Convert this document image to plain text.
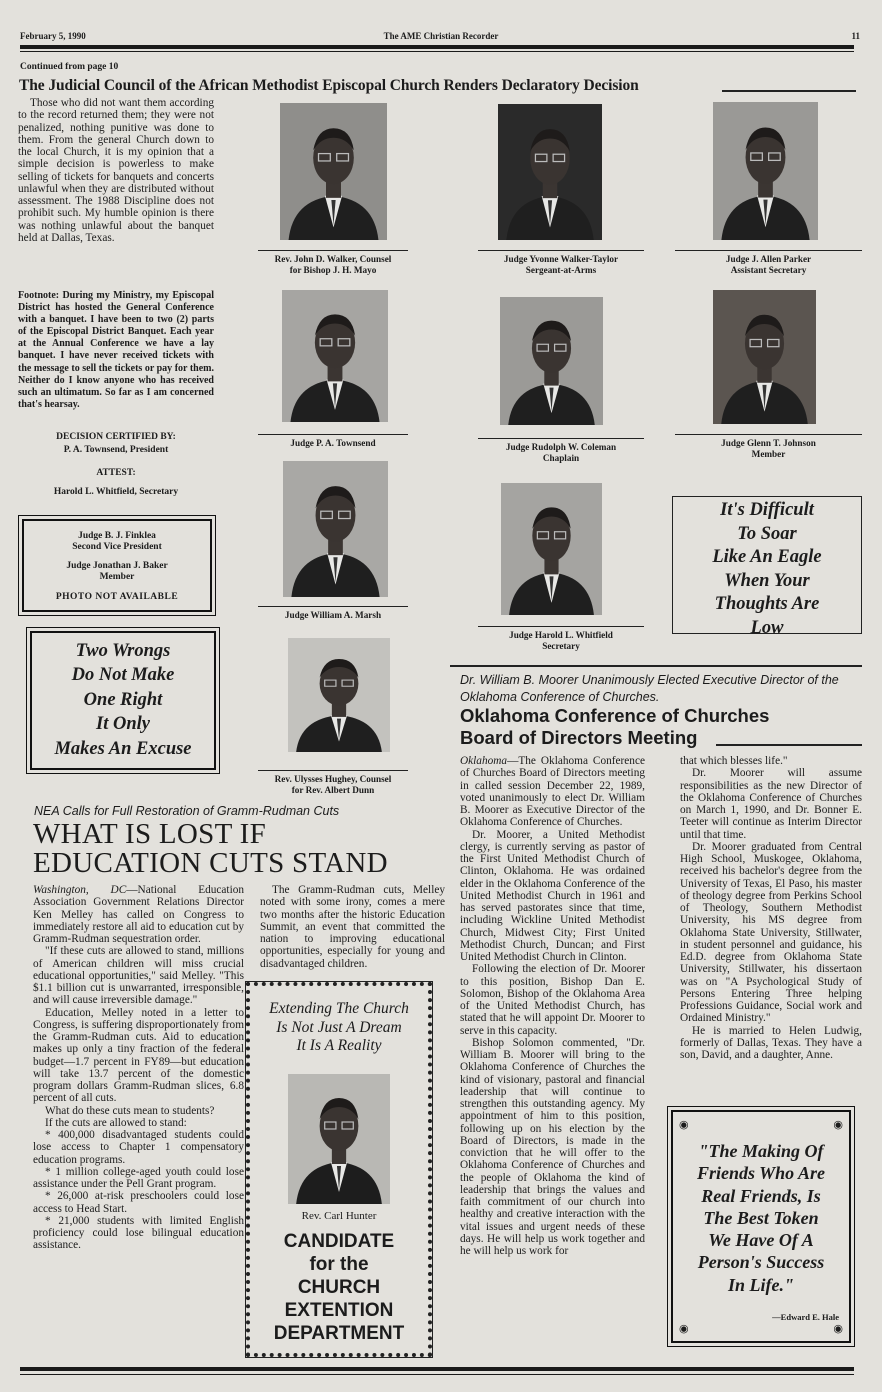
February 5, 1990	The AME Christian Recorder	11
Continued from page 10
The Judicial Council of the African Methodist Episcopal Church Renders Declaratory Decision

Those who did not want them according to the record returned them; they were not penalized, nothing punitive was done to them. From the general Church down to the local Church, it is my opinion that a simple decision is powerless to make selling of tickets for banquets and concerts unlawful when they are distributed without assessment. The 1988 Discipline does not prohibit such. My humble opinion is there was nothing unlawful about the banquet held at Dallas, Texas.

Footnote: During my Ministry, my Episcopal District has hosted the General Conference with a banquet. I have been to two (2) parts of the Episcopal District Banquet. Each year at the Annual Conference we have a lay banquet. I have never received tickets with the message to sell the tickets or pay for them. Neither do I know anyone who has received such an ultimatum. So far as I am concerned that's hearsay.
DECISION CERTIFIED BY:
P. A. Townsend, President
ATTEST:
Harold L. Whitfield, Secretary
Judge B. J. Finklea
Second Vice President
Judge Jonathan J. Baker
Member
PHOTO NOT AVAILABLE
Two Wrongs
Do Not Make
One Right
It Only
Makes An Excuse
It's Difficult
To Soar
Like An Eagle
When Your
Thoughts Are
Low
Rev. John D. Walker, Counsel
for Bishop J. H. Mayo
Judge Yvonne Walker-Taylor
Sergeant-at-Arms
Judge J. Allen Parker
Assistant Secretary
Judge P. A. Townsend	Judge Rudolph W. Coleman
Chaplain
Judge Glenn T. Johnson
Member
Judge William A. Marsh
Judge Harold L. Whitfield
Secretary
Rev. Ulysses Hughey, Counsel
for Rev. Albert Dunn
Dr. William B. Moorer Unanimously Elected Executive Director of the Oklahoma Conference of Churches.
Oklahoma Conference of Churches
Board of Directors Meeting

Oklahoma—The Oklahoma Conference of Churches Board of Directors meeting in called session December 22, 1989, voted unanimously to elect Dr. William B. Moorer as Executive Director of the Oklahoma Conference of Churches.

Dr. Moorer, a United Methodist clergy, is currently serving as pastor of the First United Methodist Church of Clinton, Oklahoma. He was ordained elder in the Oklahoma Conference of the United Methodist Church in 1961 and has served pastorates since that time, including Wickline United Methodist Church, Midwest City; First United Methodist Church, Duncan; and First United Methodist Church in Clinton.

Following the election of Dr. Moorer to this position, Bishop Dan E. Solomon, Bishop of the Oklahoma Area of the United Methodist Church, has stated that he will appoint Dr. Moorer to serve in this capacity.

Bishop Solomon commented, "Dr. William B. Moorer will bring to the Oklahoma Conference of Churches the kind of visionary, pastoral and financial leadership that will continue to strengthen this outstanding agency. My appointment of him to this position, following up on his election by the Board of Directors, is made in the conviction that he will offer to the Oklahoma Conference of Churches and the people of Oklahoma the kind of leadership that brings the values and faith commitment of our church into healthy and creative interaction with the vital issues and urgent needs of these days. He will help us work together and he will help us work for

that which blesses life."

Dr. Moorer will assume responsibilities as the new Director of the Oklahoma Conference of Churches on March 1, 1990, and Dr. Bonner E. Teeter will continue as Interim Director until that time.

Dr. Moorer graduated from Central High School, Muskogee, Oklahoma, received his bachelor's degree from the University of Texas, El Paso, his master of theology degree from Perkins School of Theology, Southern Methodist University, his MS degree from Oklahoma State University, Stillwater, in student personnel and guidance, his Ed.D. degree from Oklahoma State University, Stillwater, his dissertaon was on "A Psychological Study of Persons Entering Three helping Professions Guidance, Social work and Ordained Ministry."

He is married to Helen Ludwig, formerly of Dallas, Texas. They have a son, David, and a daughter, Anne.

"The Making Of
Friends Who Are
Real Friends, Is
The Best Token
We Have Of A
Person's Success
In Life."
—Edward E. Hale
◉	◉
◉	◉
NEA Calls for Full Restoration of Gramm-Rudman Cuts
WHAT IS LOST IF
EDUCATION CUTS STAND

Washington, DC—National Education Association Government Relations Director Ken Melley has called on Congress to immediately restore all aid to education cut by Gramm-Rudman sequestration order.

"If these cuts are allowed to stand, millions of American children will miss crucial educational opportunities," said Melley. "This $1.1 billion cut is unwarranted, irresponsible, and will cause irreversible damage."

Education, Melley noted in a letter to Congress, is suffering disproportionately from the Gramm-Rudman cuts. Aid to education makes up only a tiny fraction of the federal budget—1.7 percent in FY89—but education will take 13.7 percent of the domestic program dollars Gramm-Rudman slices, 6.8 percent of all cuts.

What do these cuts mean to students?

If the cuts are allowed to stand:

* 400,000 disadvantaged students could lose access to Chapter 1 compensatory education programs.

* 1 million college-aged youth could lose assistance under the Pell Grant program.

* 26,000 at-risk preschoolers could lose access to Head Start.

* 21,000 students with limited English proficiency could lose bilingual education assistance.

The Gramm-Rudman cuts, Melley noted with some irony, comes a mere two months after the historic Education Summit, an event that committed the nation to improving educational opportunities, especially for young and disadvantaged children.

Extending The Church
Is Not Just A Dream
It Is A Reality
Rev. Carl Hunter
CANDIDATE
for the
CHURCH
EXTENTION
DEPARTMENT
